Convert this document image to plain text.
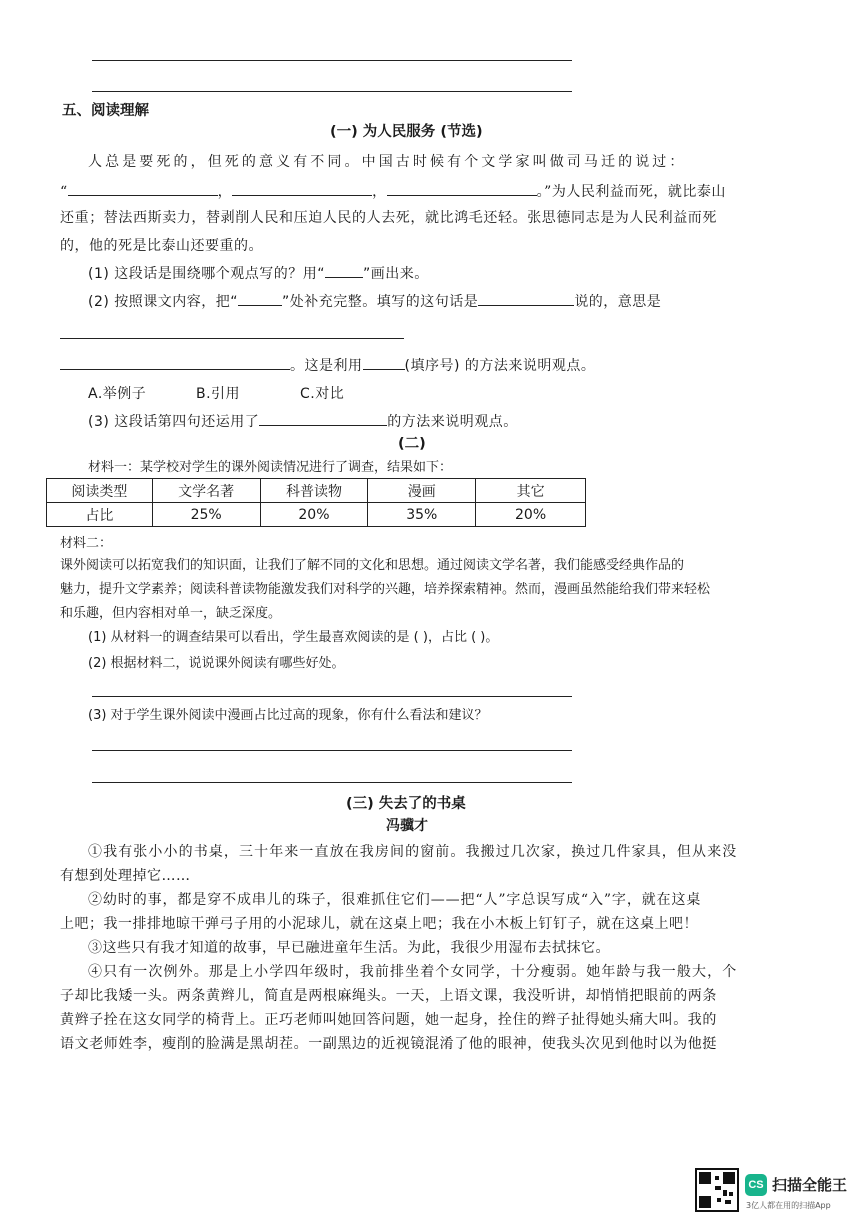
五、阅读理解
(一) 为人民服务 (节选)
人总是要死的，但死的意义有不同。中国古时候有个文学家叫做司马迁的说过：
“	，	，	。”为人民利益而死，就比泰山
还重；替法西斯卖力，替剥削人民和压迫人民的人去死，就比鸿毛还轻。张思德同志是为人民利益而死
的，他的死是比泰山还要重的。
(1) 这段话是围绕哪个观点写的？用“	”画出来。
(2) 按照课文内容，把“	”处补充完整。填写的这句话是	说的，意思是
。这是利用	(填序号) 的方法来说明观点。
A.举例子	B.引用	C.对比
(3) 这段话第四句还运用了	的方法来说明观点。
(二)
材料一：某学校对学生的课外阅读情况进行了调查，结果如下：
阅读类型	文学名著	科普读物	漫画	其它
占比	25%	20%	35%	20%
材料二：
课外阅读可以拓宽我们的知识面，让我们了解不同的文化和思想。通过阅读文学名著，我们能感受经典作品的
魅力，提升文学素养；阅读科普读物能激发我们对科学的兴趣，培养探索精神。然而，漫画虽然能给我们带来轻松
和乐趣，但内容相对单一，缺乏深度。
(1) 从材料一的调查结果可以看出，学生最喜欢阅读的是 ( )，占比 ( )。
(2) 根据材料二，说说课外阅读有哪些好处。
(3) 对于学生课外阅读中漫画占比过高的现象，你有什么看法和建议？
(三) 失去了的书桌
冯骥才
①我有张小小的书桌，三十年来一直放在我房间的窗前。我搬过几次家，换过几件家具，但从来没
有想到处理掉它……
②幼时的事，都是穿不成串儿的珠子，很难抓住它们——把“人”字总误写成“入”字，就在这桌
上吧；我一排排地晾干弹弓子用的小泥球儿，就在这桌上吧；我在小木板上钉钉子，就在这桌上吧！
③这些只有我才知道的故事，早已融进童年生活。为此，我很少用湿布去拭抹它。
④只有一次例外。那是上小学四年级时，我前排坐着个女同学，十分瘦弱。她年龄与我一般大，个
子却比我矮一头。两条黄辫儿，简直是两根麻绳头。一天，上语文课，我没听讲，却悄悄把眼前的两条
黄辫子拴在这女同学的椅背上。正巧老师叫她回答问题，她一起身，拴住的辫子扯得她头痛大叫。我的
语文老师姓李，瘦削的脸满是黑胡茬。一副黑边的近视镜混淆了他的眼神，使我头次见到他时以为他挺
CS 扫描全能王
3亿人都在用的扫描App
